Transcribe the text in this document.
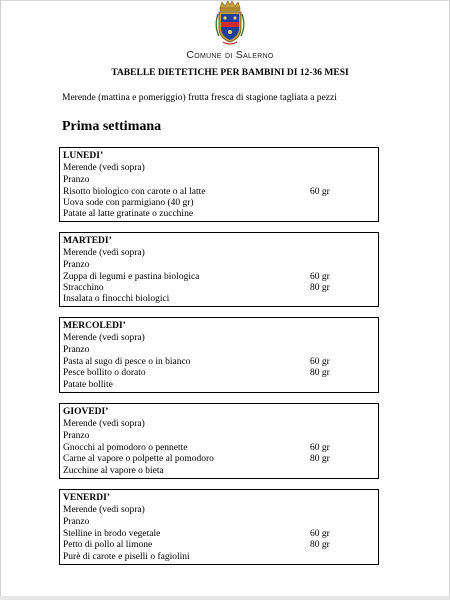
Comune di Salerno
TABELLE DIETETICHE PER BAMBINI DI 12-36 MESI
Merende (mattina e pomeriggio) frutta fresca di stagione tagliata a pezzi
Prima settimana
LUNEDI’
Merende (vedi sopra)
Pranzo
Risotto biologico con carote o al latte	60 gr
Uova sode con parmigiano (40 gr)
Patate al latte gratinate o zucchine
MARTEDI’
Merende (vedi sopra)
Pranzo
Zuppa di legumi e pastina biologica	60 gr
Stracchino	80 gr
Insalata o finocchi biologici
MERCOLEDI’
Merende (vedi sopra)
Pranzo
Pasta al sugo di pesce o in bianco	60 gr
Pesce bollito o dorato	80 gr
Patate bollite
GIOVEDI’
Merende (vedi sopra)
Pranzo
Gnocchi al pomodoro o pennette	60 gr
Carne al vapore o polpette al pomodoro	80 gr
Zucchine al vapore o bieta
VENERDI’
Merende (vedi sopra)
Pranzo
Stelline in brodo vegetale	60 gr
Petto di pollo al limone	80 gr
Purè di carote e piselli o fagiolini
